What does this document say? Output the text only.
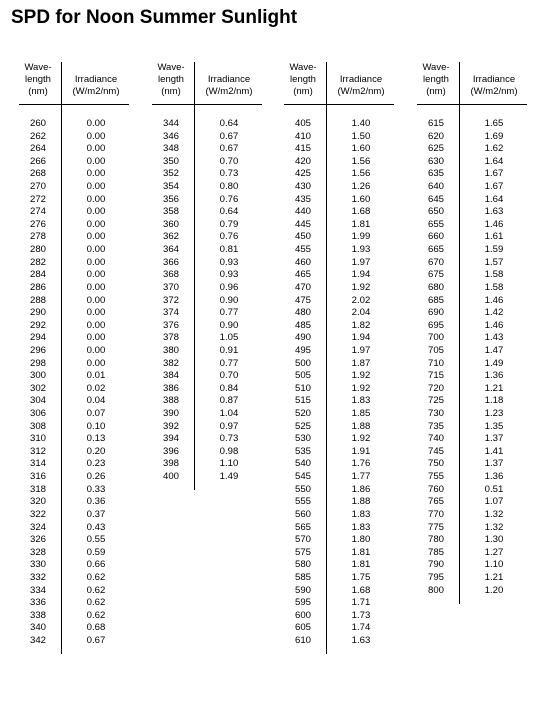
SPD for Noon Summer Sunlight
Wave-
length
(nm)
Irradiance
(W/m2/nm)
260	0.00
262	0.00
264	0.00
266	0.00
268	0.00
270	0.00
272	0.00
274	0.00
276	0.00
278	0.00
280	0.00
282	0.00
284	0.00
286	0.00
288	0.00
290	0.00
292	0.00
294	0.00
296	0.00
298	0.00
300	0.01
302	0.02
304	0.04
306	0.07
308	0.10
310	0.13
312	0.20
314	0.23
316	0.26
318	0.33
320	0.36
322	0.37
324	0.43
326	0.55
328	0.59
330	0.66
332	0.62
334	0.62
336	0.62
338	0.62
340	0.68
342	0.67
Wave-
length
(nm)
Irradiance
(W/m2/nm)
344	0.64
346	0.67
348	0.67
350	0.70
352	0.73
354	0.80
356	0.76
358	0.64
360	0.79
362	0.76
364	0.81
366	0.93
368	0.93
370	0.96
372	0.90
374	0.77
376	0.90
378	1.05
380	0.91
382	0.77
384	0.70
386	0.84
388	0.87
390	1.04
392	0.97
394	0.73
396	0.98
398	1.10
400	1.49
Wave-
length
(nm)
Irradiance
(W/m2/nm)
405	1.40
410	1.50
415	1.60
420	1.56
425	1.56
430	1.26
435	1.60
440	1.68
445	1.81
450	1.99
455	1.93
460	1.97
465	1.94
470	1.92
475	2.02
480	2.04
485	1.82
490	1.94
495	1.97
500	1.87
505	1.92
510	1.92
515	1.83
520	1.85
525	1.88
530	1.92
535	1.91
540	1.76
545	1.77
550	1.86
555	1.88
560	1.83
565	1.83
570	1.80
575	1.81
580	1.81
585	1.75
590	1.68
595	1.71
600	1.73
605	1.74
610	1.63
Wave-
length
(nm)
Irradiance
(W/m2/nm)
615	1.65
620	1.69
625	1.62
630	1.64
635	1.67
640	1.67
645	1.64
650	1.63
655	1.46
660	1.61
665	1.59
670	1.57
675	1.58
680	1.58
685	1.46
690	1.42
695	1.46
700	1.43
705	1.47
710	1.49
715	1.36
720	1.21
725	1.18
730	1.23
735	1.35
740	1.37
745	1.41
750	1.37
755	1.36
760	0.51
765	1.07
770	1.32
775	1.32
780	1.30
785	1.27
790	1.10
795	1.21
800	1.20
